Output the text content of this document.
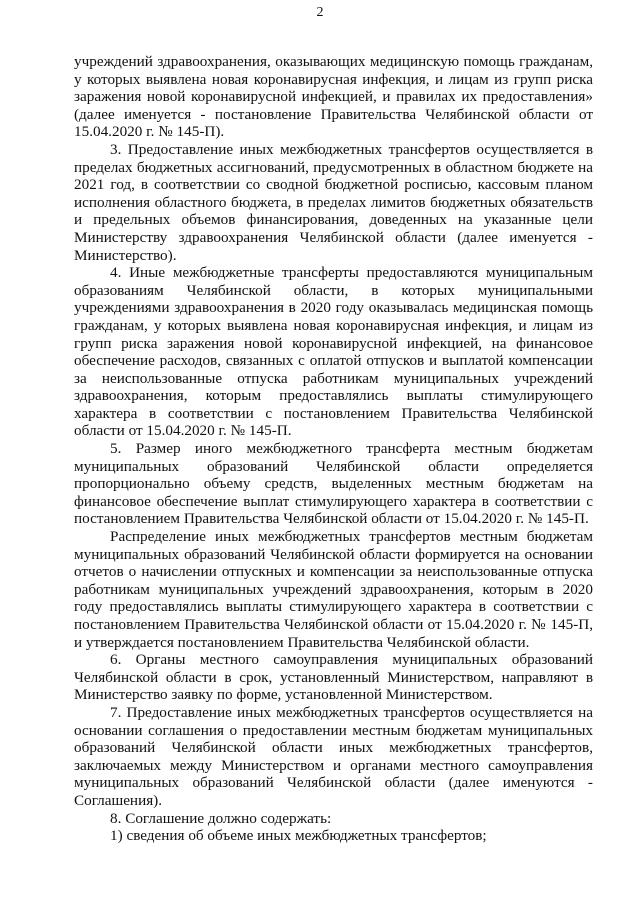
2

учреждений здравоохранения, оказывающих медицинскую помощь гражданам, у которых выявлена новая коронавирусная инфекция, и лицам из групп риска заражения новой коронавирусной инфекцией, и правилах их предоставления» (далее именуется - постановление Правительства Челябинской области от 15.04.2020 г. № 145-П).

3. Предоставление иных межбюджетных трансфертов осуществляется в пределах бюджетных ассигнований, предусмотренных в областном бюджете на 2021 год, в соответствии со сводной бюджетной росписью, кассовым планом исполнения областного бюджета, в пределах лимитов бюджетных обязательств и предельных объемов финансирования, доведенных на указанные цели Министерству здравоохранения Челябинской области (далее именуется - Министерство).

4. Иные межбюджетные трансферты предоставляются муниципальным образованиям Челябинской области, в которых муниципальными учреждениями здравоохранения в 2020 году оказывалась медицинская помощь гражданам, у которых выявлена новая коронавирусная инфекция, и лицам из групп риска заражения новой коронавирусной инфекцией, на финансовое обеспечение расходов, связанных с оплатой отпусков и выплатой компенсации за неиспользованные отпуска работникам муниципальных учреждений здравоохранения, которым предоставлялись выплаты стимулирующего характера в соответствии с постановлением Правительства Челябинской области от 15.04.2020 г. № 145-П.

5. Размер иного межбюджетного трансферта местным бюджетам муниципальных образований Челябинской области определяется пропорционально объему средств, выделенных местным бюджетам на финансовое обеспечение выплат стимулирующего характера в соответствии с постановлением Правительства Челябинской области от 15.04.2020 г. № 145-П.

Распределение иных межбюджетных трансфертов местным бюджетам муниципальных образований Челябинской области формируется на основании отчетов о начислении отпускных и компенсации за неиспользованные отпуска работникам муниципальных учреждений здравоохранения, которым в 2020 году предоставлялись выплаты стимулирующего характера в соответствии с постановлением Правительства Челябинской области от 15.04.2020 г. № 145-П, и утверждается постановлением Правительства Челябинской области.

6. Органы местного самоуправления муниципальных образований Челябинской области в срок, установленный Министерством, направляют в Министерство заявку по форме, установленной Министерством.

7. Предоставление иных межбюджетных трансфертов осуществляется на основании соглашения о предоставлении местным бюджетам муниципальных образований Челябинской области иных межбюджетных трансфертов, заключаемых между Министерством и органами местного самоуправления муниципальных образований Челябинской области (далее именуются - Соглашения).

8. Соглашение должно содержать:

1) сведения об объеме иных межбюджетных трансфертов;
